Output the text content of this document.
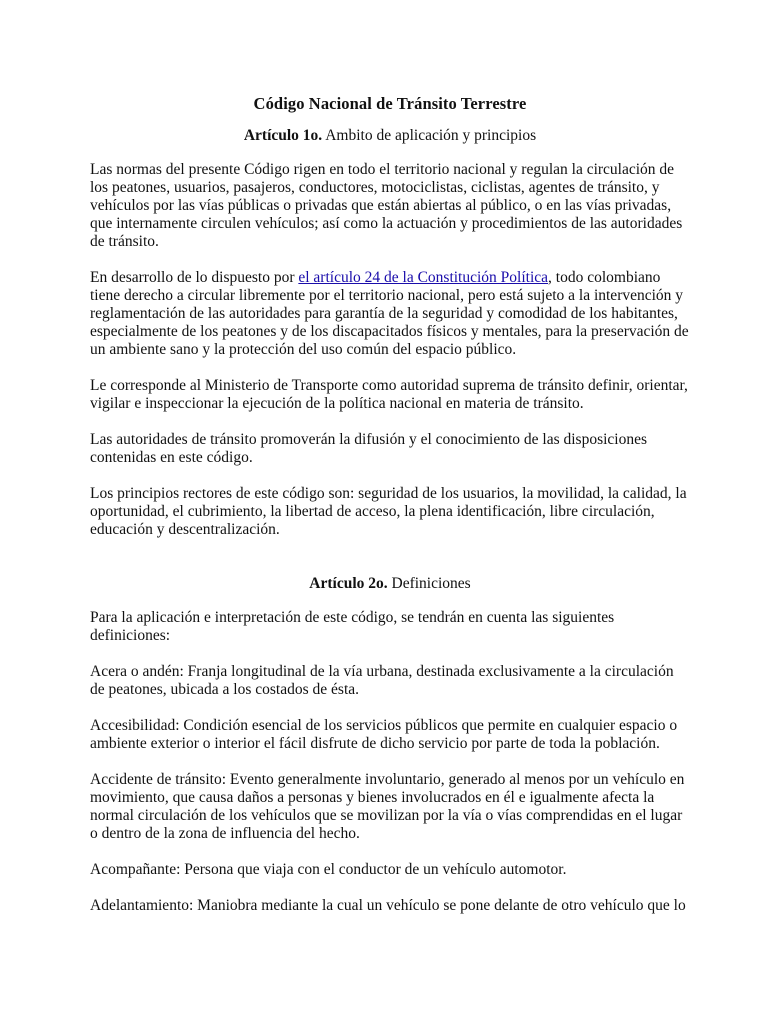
Código Nacional de Tránsito Terrestre
Artículo 1o. Ambito de aplicación y principios

Las normas del presente Código rigen en todo el territorio nacional y regulan la circulación de los peatones, usuarios, pasajeros, conductores, motociclistas, ciclistas, agentes de tránsito, y vehículos por las vías públicas o privadas que están abiertas al público, o en las vías privadas, que internamente circulen vehículos; así como la actuación y procedimientos de las autoridades de tránsito.

En desarrollo de lo dispuesto por el artículo 24 de la Constitución Política, todo colombiano tiene derecho a circular libremente por el territorio nacional, pero está sujeto a la intervención y reglamentación de las autoridades para garantía de la seguridad y comodidad de los habitantes, especialmente de los peatones y de los discapacitados físicos y mentales, para la preservación de un ambiente sano y la protección del uso común del espacio público.

Le corresponde al Ministerio de Transporte como autoridad suprema de tránsito definir, orientar, vigilar e inspeccionar la ejecución de la política nacional en materia de tránsito.

Las autoridades de tránsito promoverán la difusión y el conocimiento de las disposiciones contenidas en este código.

Los principios rectores de este código son: seguridad de los usuarios, la movilidad, la calidad, la oportunidad, el cubrimiento, la libertad de acceso, la plena identificación, libre circulación, educación y descentralización.

Artículo 2o. Definiciones

Para la aplicación e interpretación de este código, se tendrán en cuenta las siguientes definiciones:

Acera o andén: Franja longitudinal de la vía urbana, destinada exclusivamente a la circulación de peatones, ubicada a los costados de ésta.

Accesibilidad: Condición esencial de los servicios públicos que permite en cualquier espacio o ambiente exterior o interior el fácil disfrute de dicho servicio por parte de toda la población.

Accidente de tránsito: Evento generalmente involuntario, generado al menos por un vehículo en movimiento, que causa daños a personas y bienes involucrados en él e igualmente afecta la normal circulación de los vehículos que se movilizan por la vía o vías comprendidas en el lugar o dentro de la zona de influencia del hecho.

Acompañante: Persona que viaja con el conductor de un vehículo automotor.

Adelantamiento: Maniobra mediante la cual un vehículo se pone delante de otro vehículo que lo
